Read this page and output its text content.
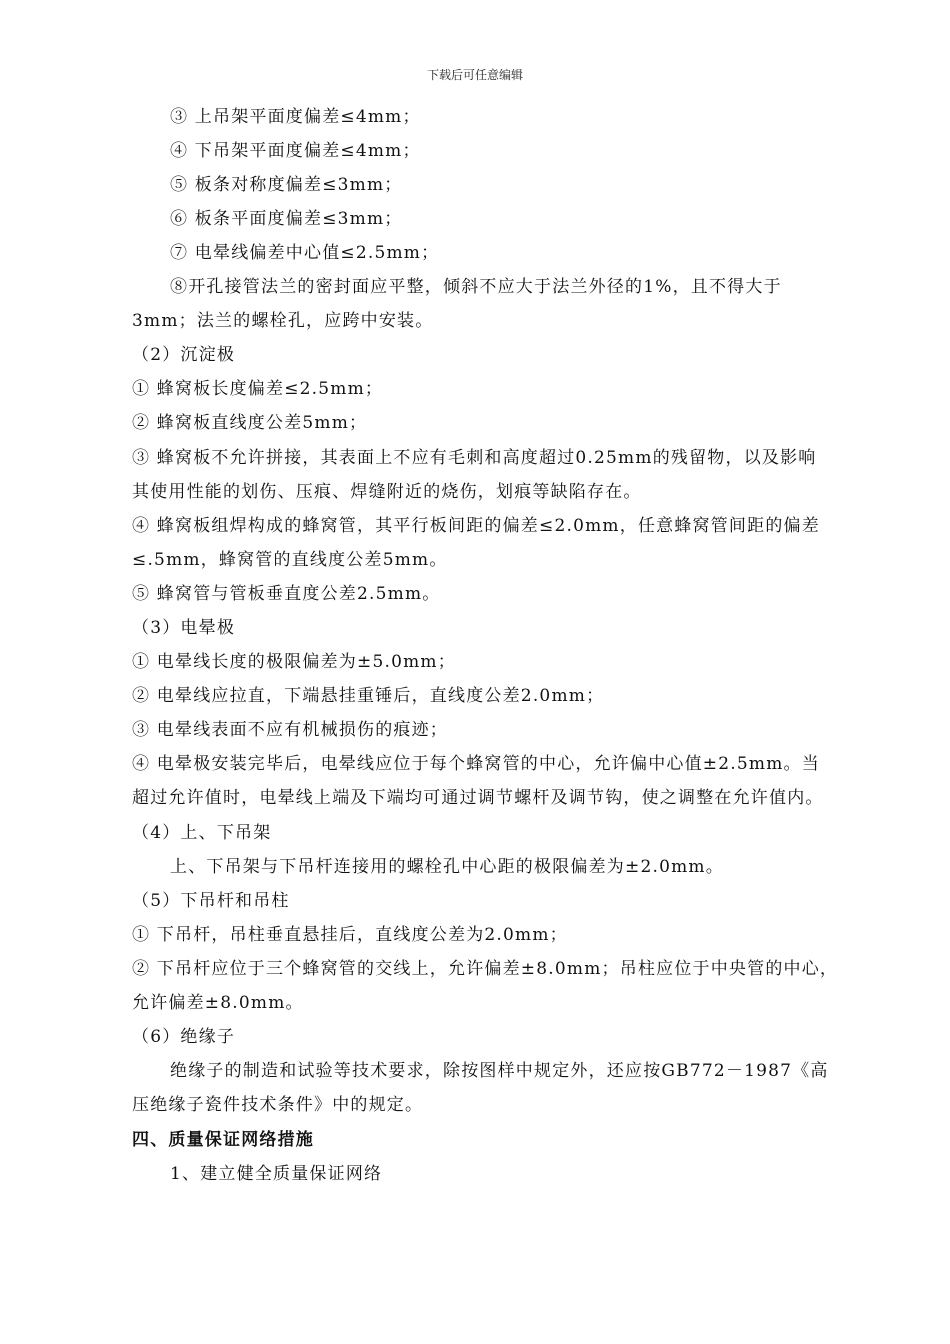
下载后可任意编辑
③ 上吊架平面度偏差≤4mm；
④ 下吊架平面度偏差≤4mm；
⑤ 板条对称度偏差≤3mm；
⑥ 板条平面度偏差≤3mm；
⑦ 电晕线偏差中心值≤2.5mm；
⑧开孔接管法兰的密封面应平整，倾斜不应大于法兰外径的1%，且不得大于
3mm；法兰的螺栓孔，应跨中安装。
（2）沉淀极
① 蜂窝板长度偏差≤2.5mm；
② 蜂窝板直线度公差5mm；
③ 蜂窝板不允许拼接，其表面上不应有毛刺和高度超过0.25mm的残留物，以及影响
其使用性能的划伤、压痕、焊缝附近的烧伤，划痕等缺陷存在。
④ 蜂窝板组焊构成的蜂窝管，其平行板间距的偏差≤2.0mm，任意蜂窝管间距的偏差
≤.5mm，蜂窝管的直线度公差5mm。
⑤ 蜂窝管与管板垂直度公差2.5mm。
（3）电晕极
① 电晕线长度的极限偏差为±5.0mm；
② 电晕线应拉直，下端悬挂重锤后，直线度公差2.0mm；
③ 电晕线表面不应有机械损伤的痕迹；
④ 电晕极安装完毕后，电晕线应位于每个蜂窝管的中心，允许偏中心值±2.5mm。当
超过允许值时，电晕线上端及下端均可通过调节螺杆及调节钩，使之调整在允许值内。
（4）上、下吊架
上、下吊架与下吊杆连接用的螺栓孔中心距的极限偏差为±2.0mm。
（5）下吊杆和吊柱
① 下吊杆，吊柱垂直悬挂后，直线度公差为2.0mm；
② 下吊杆应位于三个蜂窝管的交线上，允许偏差±8.0mm；吊柱应位于中央管的中心，
允许偏差±8.0mm。
（6）绝缘子
绝缘子的制造和试验等技术要求，除按图样中规定外，还应按GB772－1987《高
压绝缘子瓷件技术条件》中的规定。
四、质量保证网络措施
1、建立健全质量保证网络
